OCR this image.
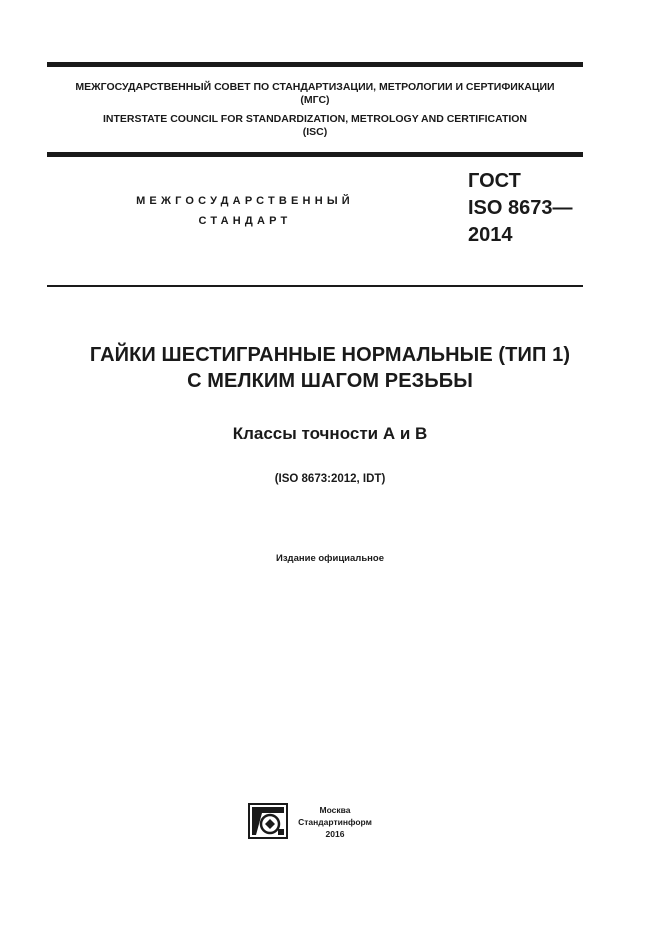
МЕЖГОСУДАРСТВЕННЫЙ СОВЕТ ПО СТАНДАРТИЗАЦИИ, МЕТРОЛОГИИ И СЕРТИФИКАЦИИ
(МГС)
INTERSTATE COUNCIL FOR STANDARDIZATION, METROLOGY AND CERTIFICATION
(ISC)
МЕЖГОСУДАРСТВЕННЫЙ
СТАНДАРТ
ГОСТ
ISO 8673—
2014
ГАЙКИ ШЕСТИГРАННЫЕ НОРМАЛЬНЫЕ (ТИП 1)
С МЕЛКИМ ШАГОМ РЕЗЬБЫ
Классы точности А и В
(ISO 8673:2012, IDT)
Издание официальное
Москва
Стандартинформ
2016
